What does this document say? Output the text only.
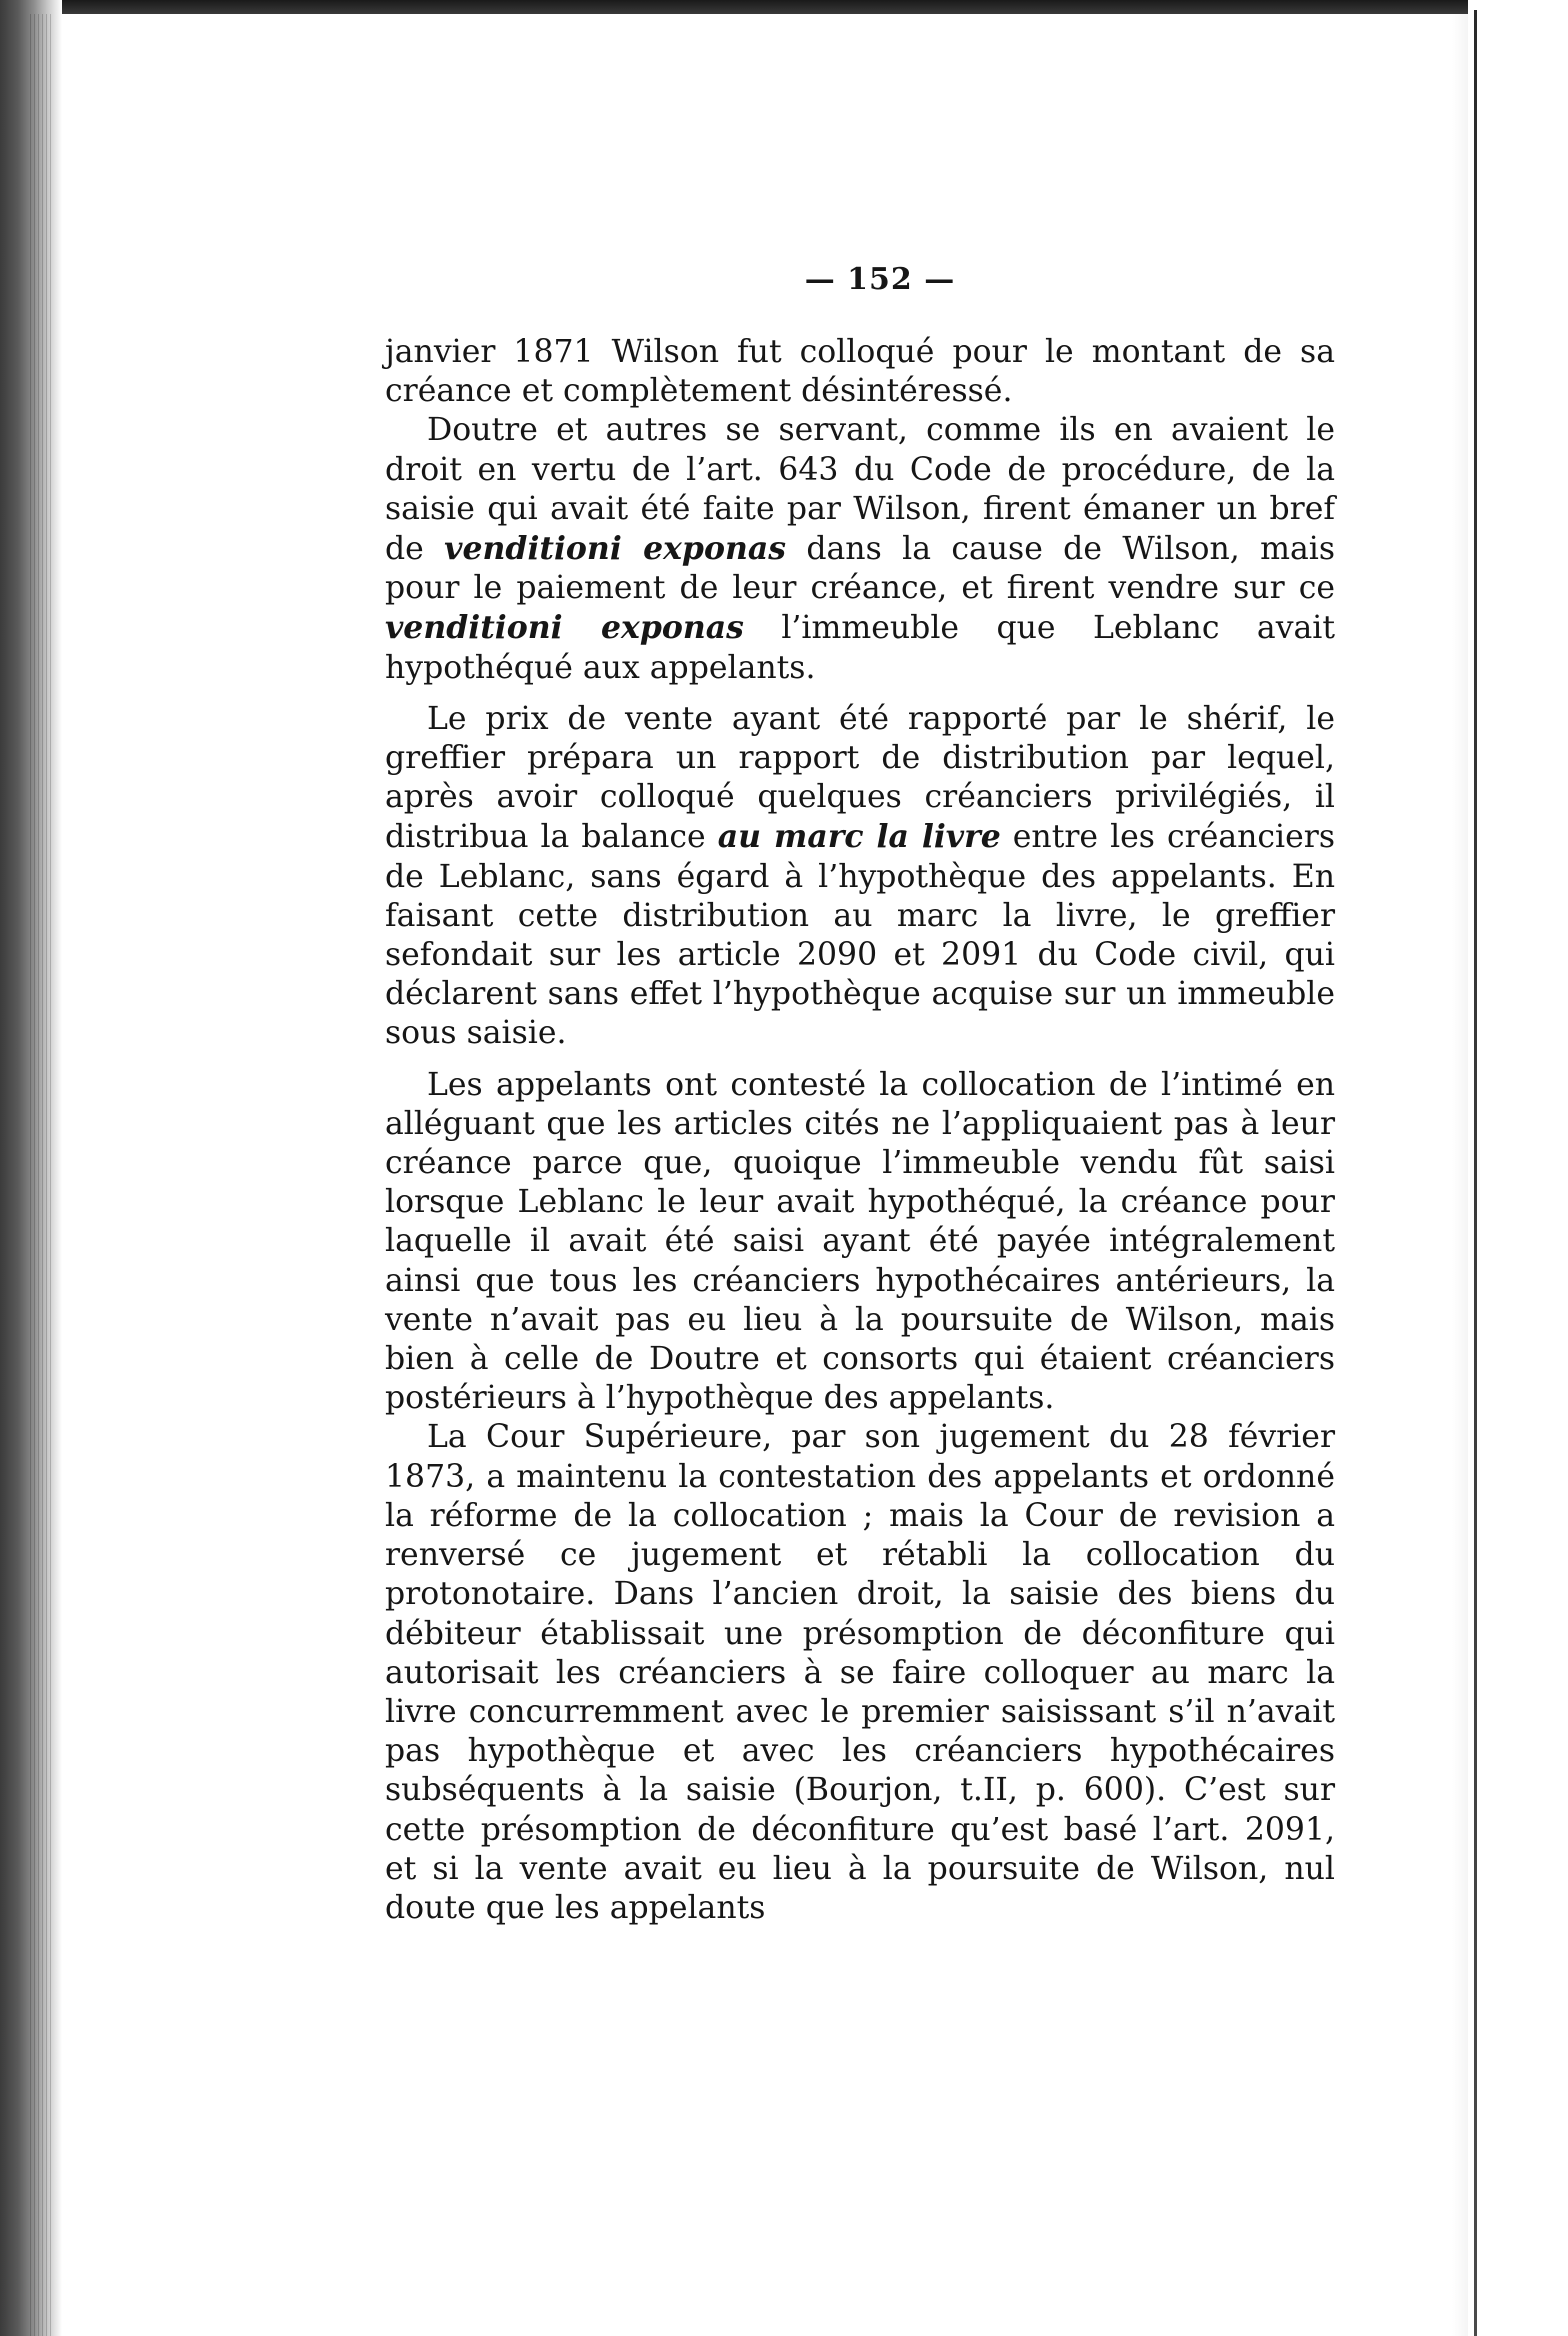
— 152 —

janvier 1871 Wilson fut colloqué pour le montant de sa créance et complètement désintéressé.

Doutre et autres se servant, comme ils en avaient le droit en vertu de l’art. 643 du Code de procédure, de la saisie qui avait été faite par Wilson, firent émaner un bref de venditioni exponas dans la cause de Wilson, mais pour le paiement de leur créance, et firent vendre sur ce venditioni exponas l’immeuble que Leblanc avait hypothéqué aux appelants.

Le prix de vente ayant été rapporté par le shérif, le greffier prépara un rapport de distribution par lequel, après avoir colloqué quelques créanciers privilégiés, il distribua la balance au marc la livre entre les créanciers de Leblanc, sans égard à l’hypothèque des appelants. En faisant cette distribution au marc la livre, le greffier sefondait sur les article 2090 et 2091 du Code civil, qui déclarent sans effet l’hypothèque acquise sur un immeuble sous saisie.

Les appelants ont contesté la collocation de l’intimé en alléguant que les articles cités ne l’appliquaient pas à leur créance parce que, quoique l’immeuble vendu fût saisi lorsque Leblanc le leur avait hypothéqué, la créance pour laquelle il avait été saisi ayant été payée intégralement ainsi que tous les créanciers hypothécaires antérieurs, la vente n’avait pas eu lieu à la poursuite de Wilson, mais bien à celle de Doutre et consorts qui étaient créanciers postérieurs à l’hypothèque des appelants.

La Cour Supérieure, par son jugement du 28 février 1873, a maintenu la contestation des appelants et ordonné la réforme de la collocation ; mais la Cour de revision a renversé ce jugement et rétabli la collocation du protonotaire. Dans l’ancien droit, la saisie des biens du débiteur établissait une présomption de déconfiture qui autorisait les créanciers à se faire colloquer au marc la livre concurremment avec le premier saisissant s’il n’avait pas hypothèque et avec les créanciers hypothécaires subséquents à la saisie (Bourjon, t.II, p. 600). C’est sur cette présomption de déconfiture qu’est basé l’art. 2091, et si la vente avait eu lieu à la poursuite de Wilson, nul doute que les appelants
